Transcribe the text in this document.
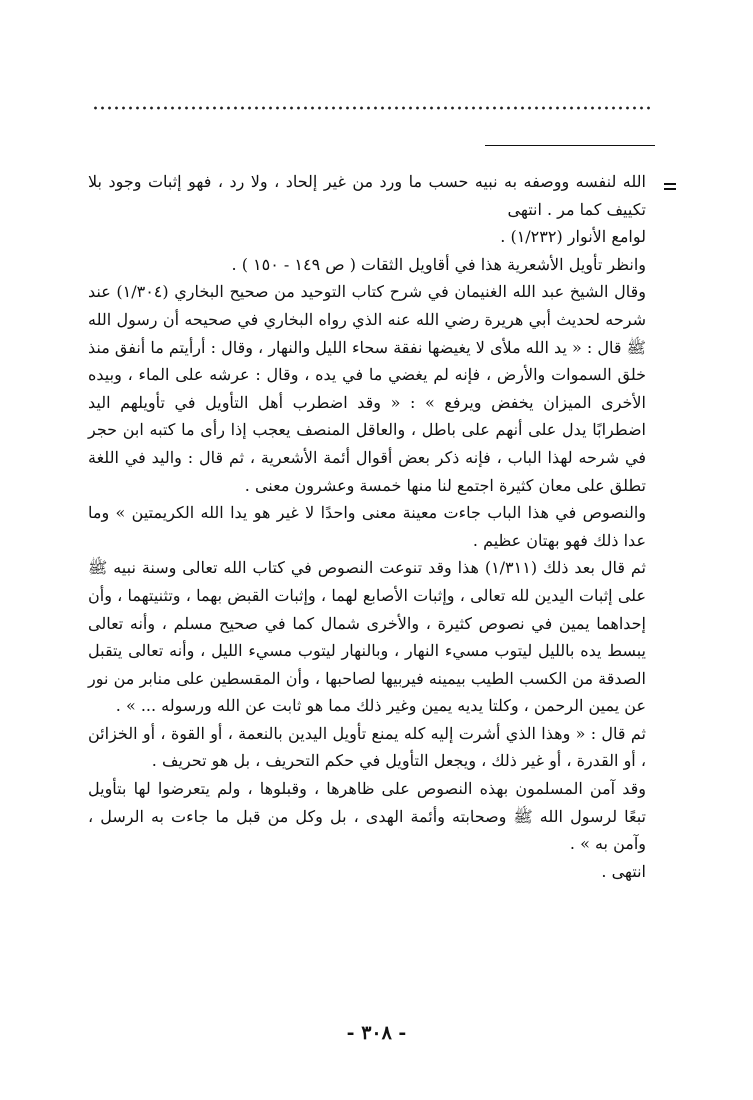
الله لنفسه ووصفه به نبيه حسب ما ورد من غير إلحاد ، ولا رد ، فهو إثبات وجود بلا تكييف كما مر . انتهى

لوامع الأنوار (١/٢٣٢) .

وانظر تأويل الأشعرية هذا في أقاويل الثقات ( ص ١٤٩ - ١٥٠ ) .

وقال الشيخ عبد الله الغنيمان في شرح كتاب التوحيد من صحيح البخاري (١/٣٠٤) عند شرحه لحديث أبي هريرة رضي الله عنه الذي رواه البخاري في صحيحه أن رسول الله ﷺ قال : « يد الله ملأى لا يغيضها نفقة سحاء الليل والنهار ، وقال : أرأيتم ما أنفق منذ خلق السموات والأرض ، فإنه لم يغضي ما في يده ، وقال : عرشه على الماء ، وبيده الأخرى الميزان يخفض ويرفع » : « وقد اضطرب أهل التأويل في تأويلهم اليد اضطرابًا يدل على أنهم على باطل ، والعاقل المنصف يعجب إذا رأى ما كتبه ابن حجر في شرحه لهذا الباب ، فإنه ذكر بعض أقوال أئمة الأشعرية ، ثم قال : واليد في اللغة تطلق على معان كثيرة اجتمع لنا منها خمسة وعشرون معنى .

والنصوص في هذا الباب جاءت معينة معنى واحدًا لا غير هو يدا الله الكريمتين » وما عدا ذلك فهو بهتان عظيم .

ثم قال بعد ذلك (١/٣١١) هذا وقد تنوعت النصوص في كتاب الله تعالى وسنة نبيه ﷺ على إثبات اليدين لله تعالى ، وإثبات الأصابع لهما ، وإثبات القبض بهما ، وتثنيتهما ، وأن إحداهما يمين في نصوص كثيرة ، والأخرى شمال كما في صحيح مسلم ، وأنه تعالى يبسط يده بالليل ليتوب مسيء النهار ، وبالنهار ليتوب مسيء الليل ، وأنه تعالى يتقبل الصدقة من الكسب الطيب بيمينه فيربيها لصاحبها ، وأن المقسطين على منابر من نور عن يمين الرحمن ، وكلتا يديه يمين وغير ذلك مما هو ثابت عن الله ورسوله ... » .

ثم قال : « وهذا الذي أشرت إليه كله يمنع تأويل اليدين بالنعمة ، أو القوة ، أو الخزائن ، أو القدرة ، أو غير ذلك ، ويجعل التأويل في حكم التحريف ، بل هو تحريف .

وقد آمن المسلمون بهذه النصوص على ظاهرها ، وقبلوها ، ولم يتعرضوا لها بتأويل تبعًا لرسول الله ﷺ وصحابته وأئمة الهدى ، بل وكل من قبل ما جاءت به الرسل ، وآمن به » .

انتهى .

- ٣٠٨ -
